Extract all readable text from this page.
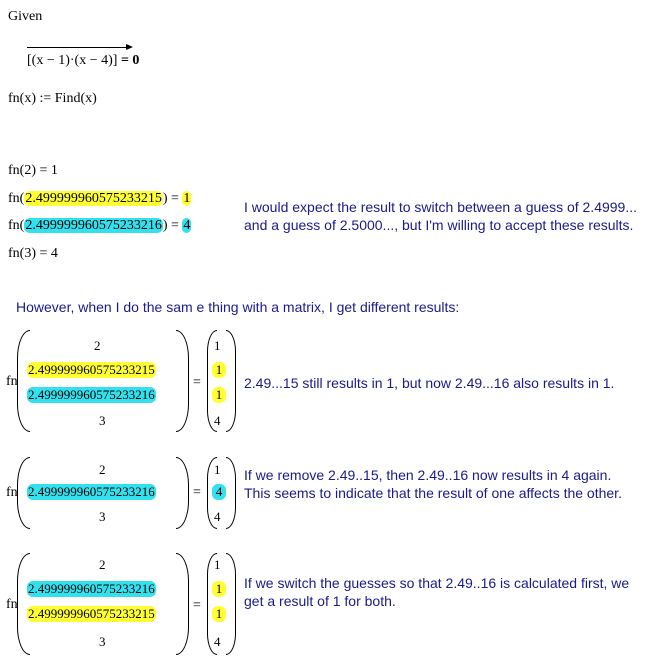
Given
[(x − 1)·(x − 4)] = 0
fn(x) := Find(x)
fn(2) = 1
fn(2.499999960575233215) = 1
fn(2.499999960575233216) = 4
fn(3) = 4
I would expect the result to switch between a guess of 2.4999...
and a guess of 2.5000..., but I'm willing to accept these results.
However, when I do the sam e thing with a matrix, I get different results:
fn
2
2.499999960575233215
2.499999960575233216
3
=
1
1
1
4
2.49...15 still results in 1, but now 2.49...16 also results in 1.
fn
2
2.499999960575233216
3
=
1
4
4
If we remove 2.49..15, then 2.49..16 now results in 4 again.
This seems to indicate that the result of one affects the other.
fn
2
2.499999960575233216
2.499999960575233215
3
=
1
1
1
4
If we switch the guesses so that 2.49..16 is calculated first, we
get a result of 1 for both.
